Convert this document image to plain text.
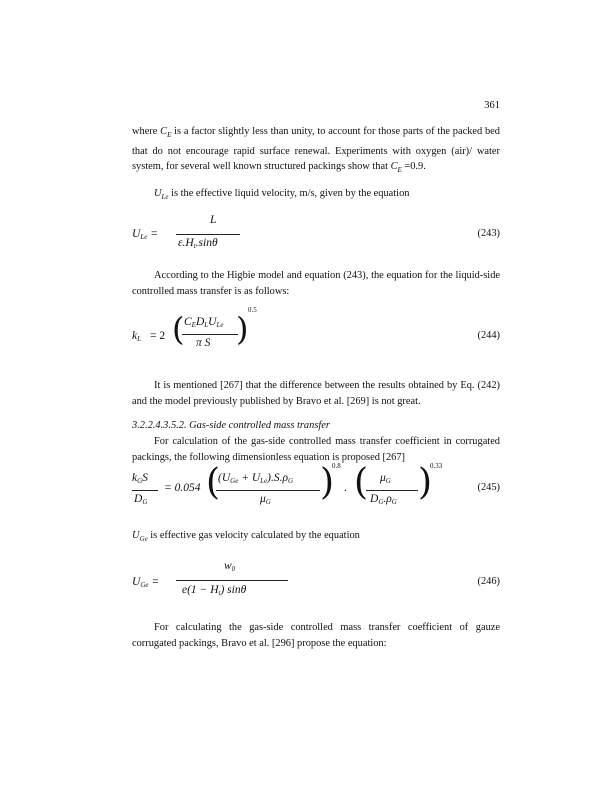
361
where $C_E$ is a factor slightly less than unity, to account for those parts of the packed bed that do not encourage rapid surface renewal. Experiments with oxygen (air)/ water system, for several well known structured packings show that $C_E =0.9$.
$U_{Le}$ is the effective liquid velocity, m/s, given by the equation
$U_{Le}$ =
L
$\varepsilon.H_t.\sin\theta$
(243)
According to the Higbie model and equation (243), the equation for the liquid-side controlled mass transfer is as follows:
$k_L = 2$ ( $C_ED_LU_{Le}$
π S ) 0.5
(244)
It is mentioned [267] that the difference between the results obtained by Eq. (242) and the model previously published by Bravo et al. [269] is not great.
3.2.2.4.3.5.2. Gas-side controlled mass transfer
For calculation of the gas-side controlled mass transfer coefficient in corrugated packings, the following dimensionless equation is proposed [267]
$k_GS$
$D_G$
= 0.054 (
$(U_{Ge} + U_{Le}).S.\rho_G$
$\mu_G$ )
0.8
. ( $\mu_G$
$D_G.\rho_G$ )
0.33
(245)
$U_{Ge}$ is effective gas velocity calculated by the equation
$U_{Ge}$ =
$w_0$
$e(1 - H_t)$ sinθ
(246)
For calculating the gas-side controlled mass transfer coefficient of gauze corrugated packings, Bravo et al. [296] propose the equation:
